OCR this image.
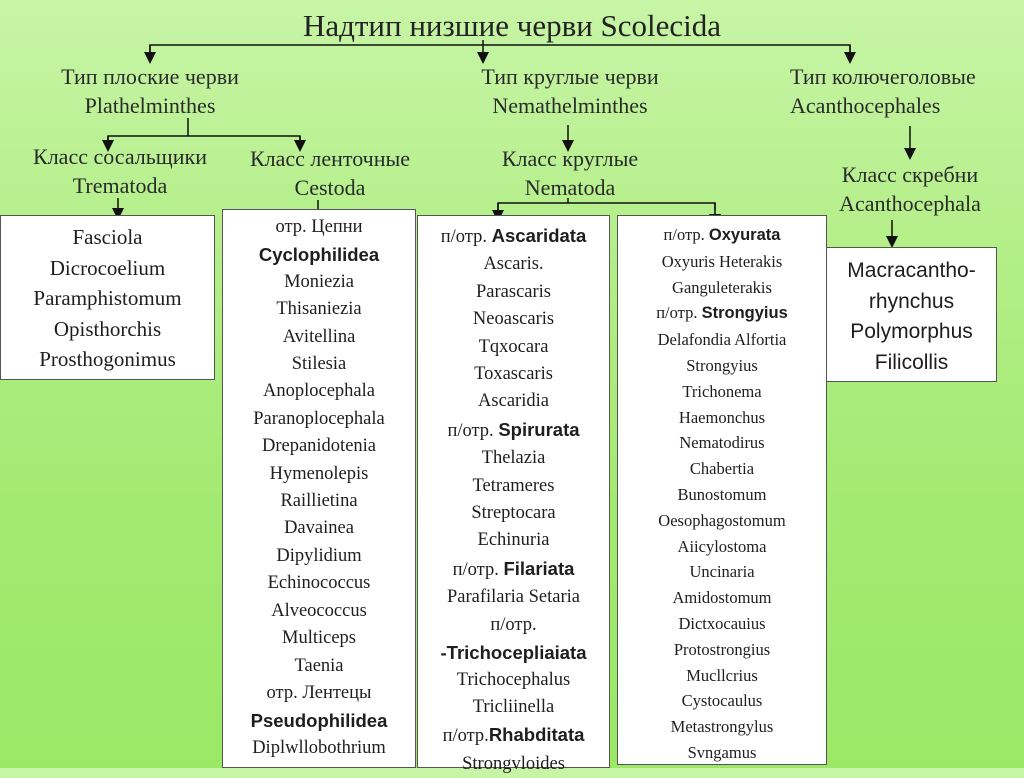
Надтип низшие черви Scolecida
Тип плоские черви
Plathelminthes
Тип круглые черви
Nemathelminthes
Тип колючеголовые
Acanthocephales
Класс сосальщики
Trematoda
Класс ленточные
Cestoda
Класс круглые
Nematoda
Класс скребни
Acanthocephala
Fasciola
Dicrocoelium
Paramphistomum
Opisthorchis
Prosthogonimus
отр. Цепни
Cyclophilidea
Moniezia
Thisaniezia
Avitellina
Stilesia
Anoplocephala
Paranoplocephala
Drepanidotenia
Hymenolepis
Raillietina
Davainea
Dipylidium
Echinococcus
Alveococcus
Multiceps
Taenia
отр. Лентецы
Pseudophilidea
Diplwllobothrium
п/отр. Ascaridata
Ascaris.
Parascaris
Neoascaris
Tqxocara
Toxascaris
Ascaridia
п/отр. Spirurata
Thelazia
Tetrameres
Streptocara
Echinuria
п/отр. Filariata
Parafilaria Setaria
п/отр.
-Trichocepliaiata
Trichocephalus
Tricliinella
п/отр.Rhabditata
Strongvloides
п/отр. Oxyurata
Oxyuris Heterakis
Ganguleterakis
п/отр. Strongyius
Delafondia Alfortia
Strongyius
Trichonema
Haemonchus
Nematodirus
Chabertia
Bunostomum
Oesophagostomum
Aiicylostoma
Uncinaria
Amidostomum
Dictxocauius
Protostrongius
Mucllcrius
Cystocaulus
Metastrongylus
Svngamus
Macracantho-
rhynchus
Polymorphus
Filicollis
